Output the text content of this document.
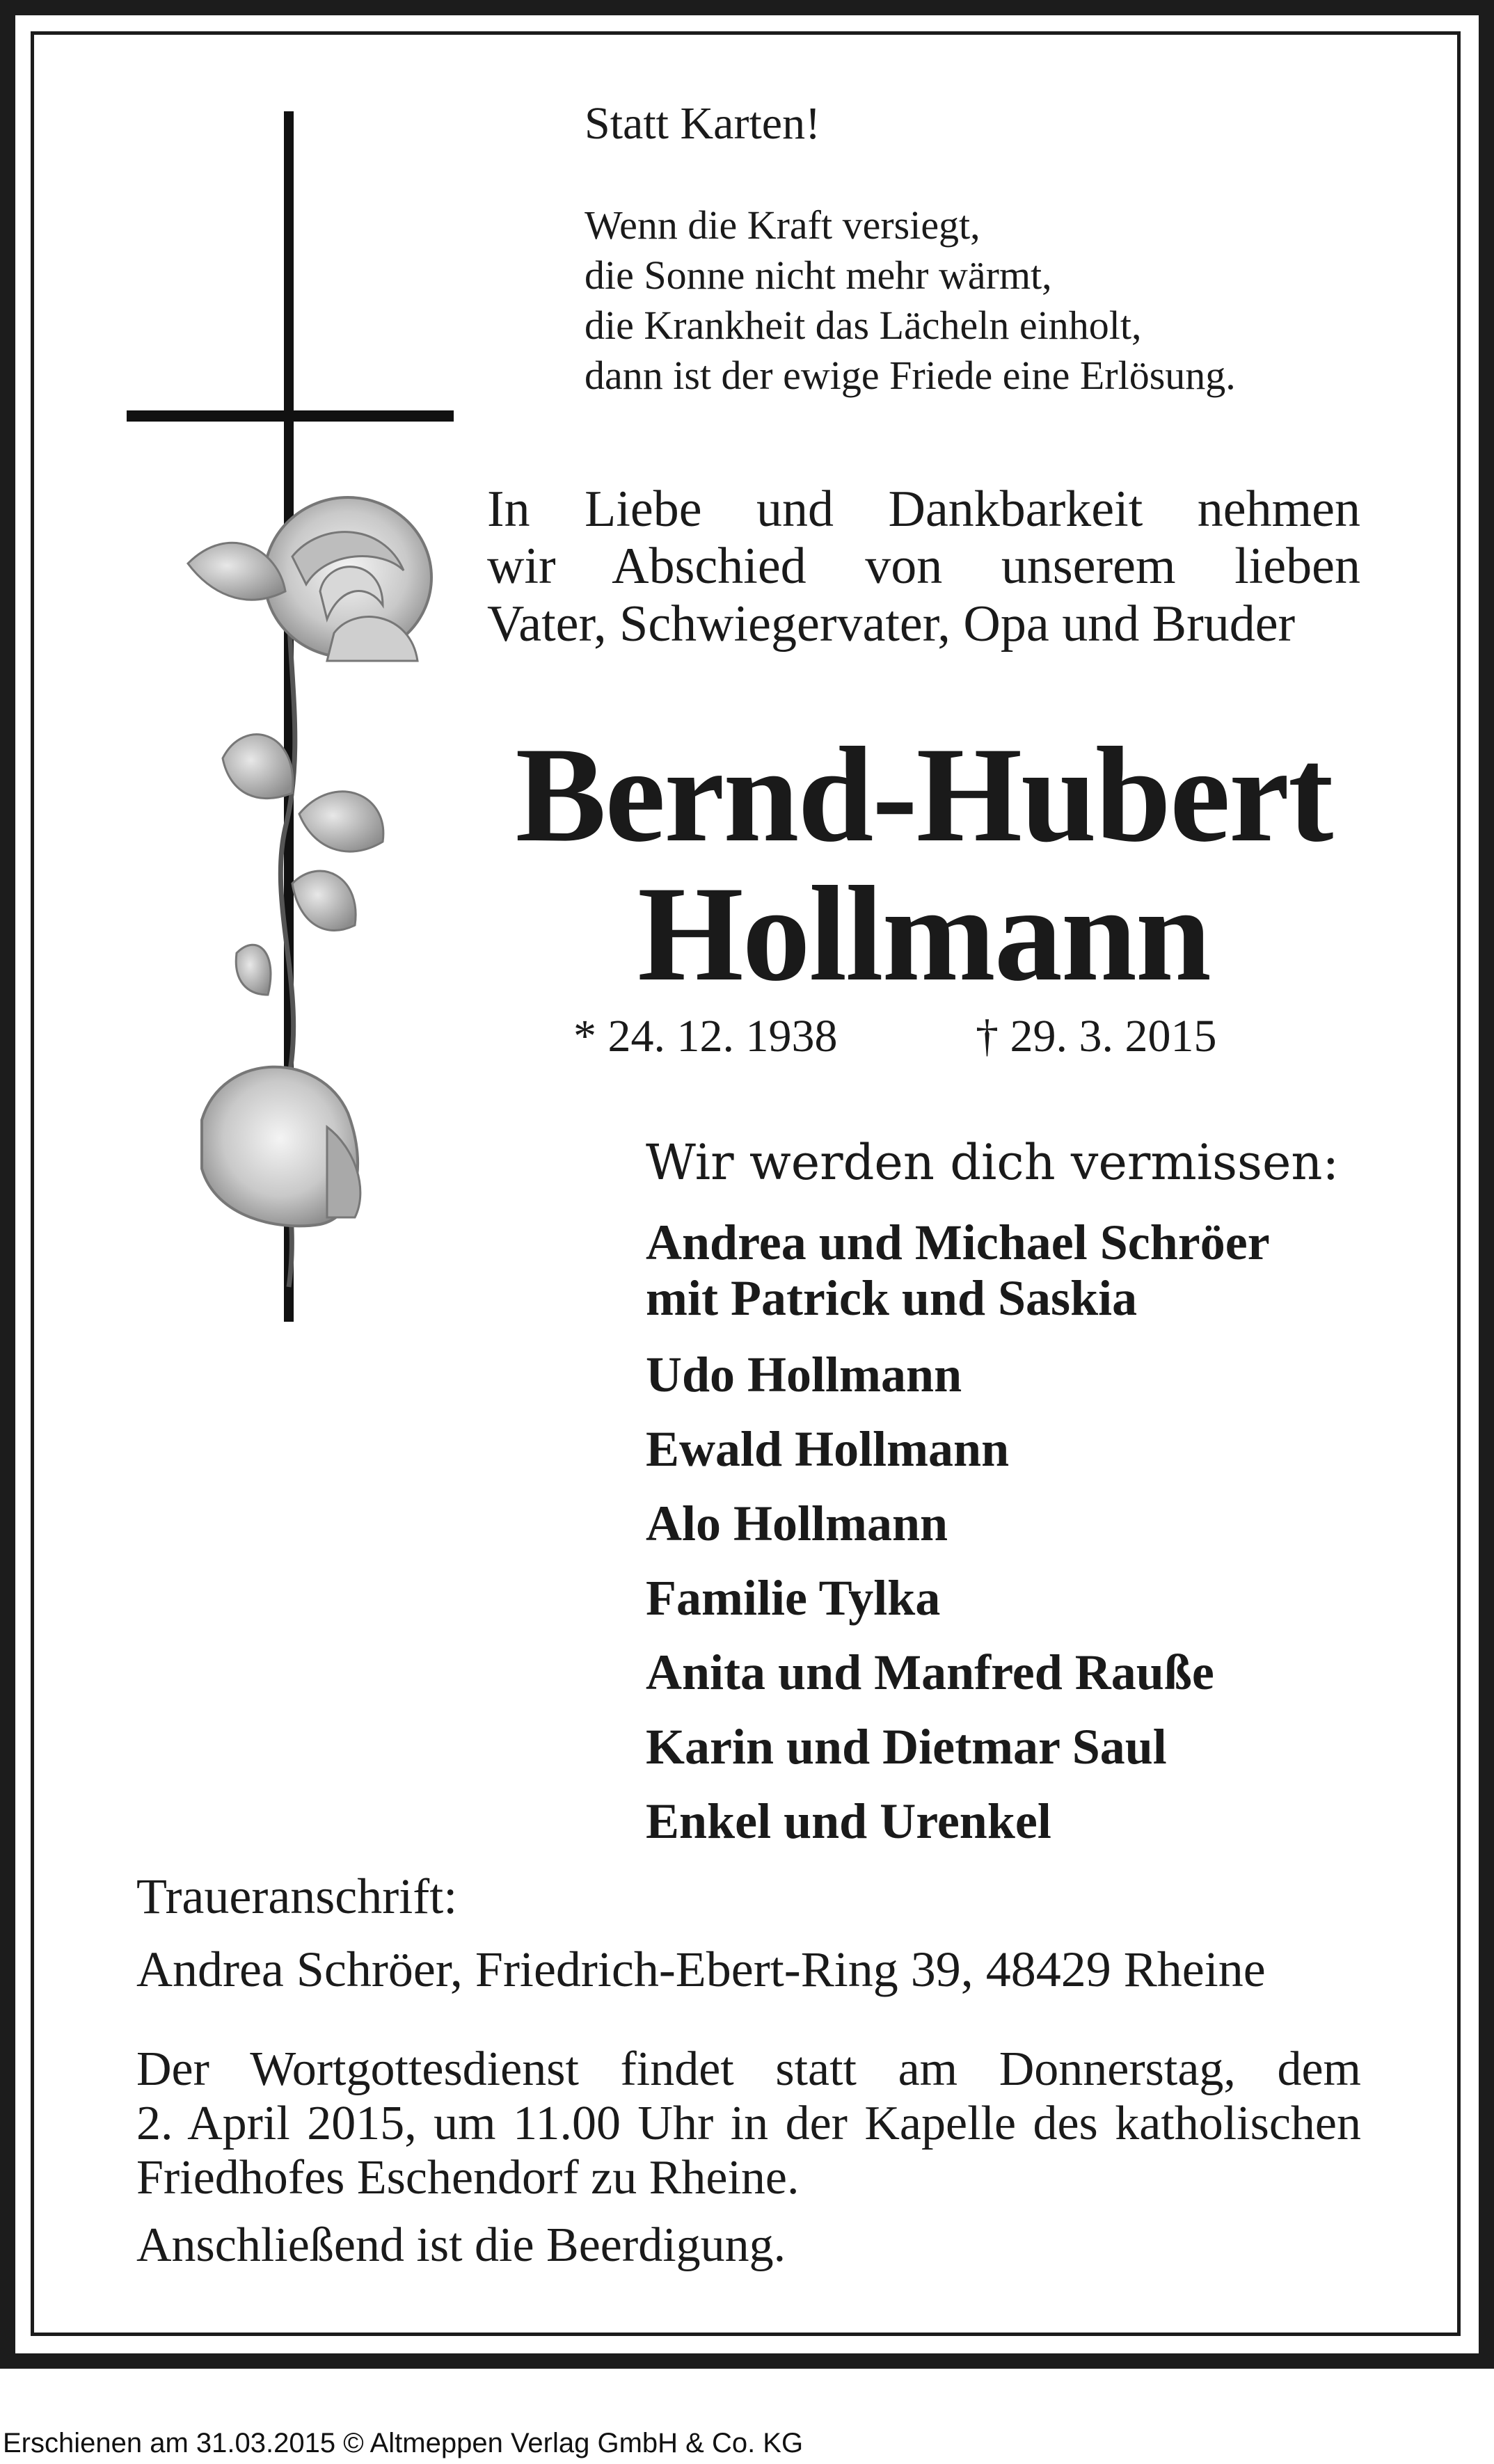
Statt Karten!

Wenn die Kraft versiegt,

die Sonne nicht mehr wärmt,

die Krankheit das Lächeln einholt,

dann ist der ewige Friede eine Erlösung.

In Liebe und Dankbarkeit nehmen

wir Abschied von unserem lieben

Vater, Schwiegervater, Opa und Bruder

Bernd-Hubert

Hollmann

* 24. 12. 1938	† 29. 3. 2015

Wir werden dich vermissen:

Andrea und Michael Schröer

mit Patrick und Saskia

Udo Hollmann

Ewald Hollmann

Alo Hollmann

Familie Tylka

Anita und Manfred Rauße

Karin und Dietmar Saul

Enkel und Urenkel

Traueranschrift:

Andrea Schröer, Friedrich-Ebert-Ring 39, 48429 Rheine

Der Wortgottesdienst findet statt am Donnerstag, dem

2. April 2015, um 11.00 Uhr in der Kapelle des katholischen

Friedhofes Eschendorf zu Rheine.

Anschließend ist die Beerdigung.

Erschienen am 31.03.2015 © Altmeppen Verlag GmbH & Co. KG
